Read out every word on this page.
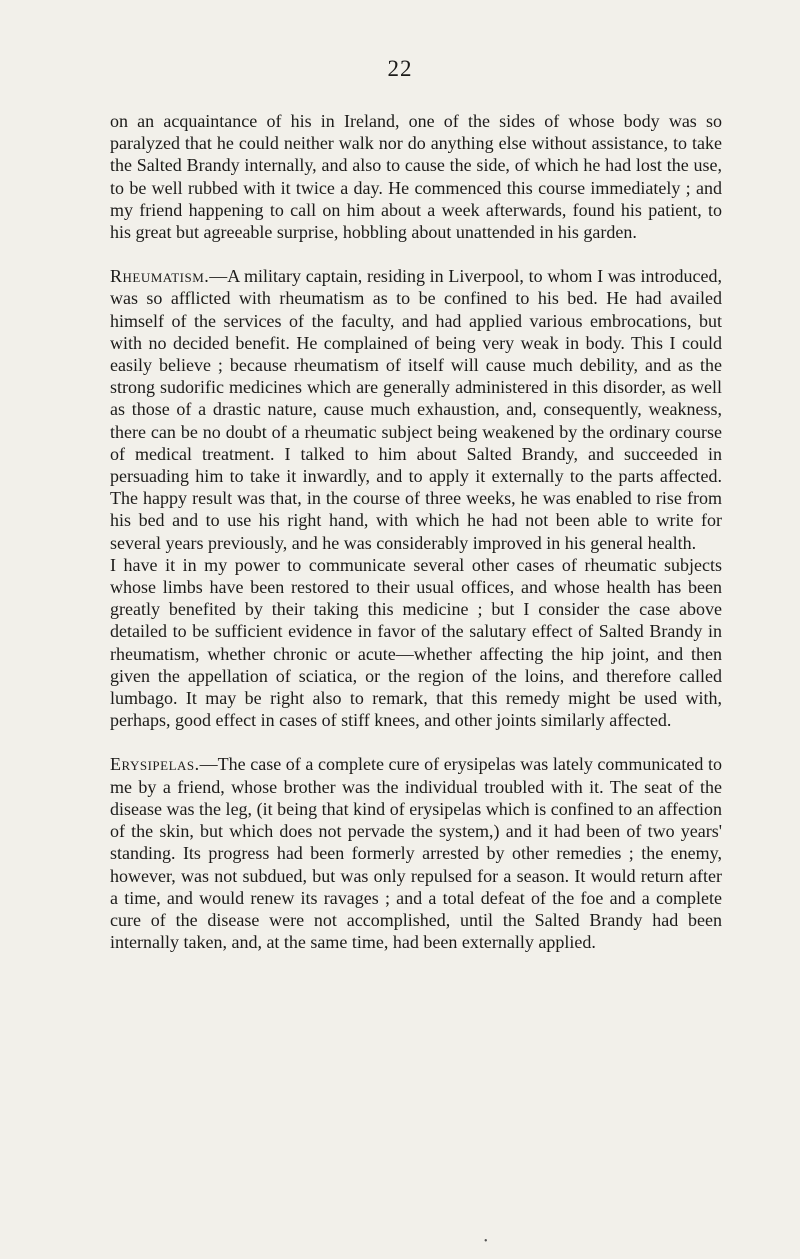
22

on an acquaintance of his in Ireland, one of the sides of whose body was so paralyzed that he could neither walk nor do anything else without assistance, to take the Salted Brandy internally, and also to cause the side, of which he had lost the use, to be well rubbed with it twice a day. He commenced this course immediately ; and my friend happening to call on him about a week afterwards, found his patient, to his great but agreeable surprise, hobbling about unattended in his garden.

Rheumatism.—A military captain, residing in Liverpool, to whom I was introduced, was so afflicted with rheumatism as to be confined to his bed. He had availed himself of the services of the faculty, and had applied various embrocations, but with no decided benefit. He complained of being very weak in body. This I could easily believe ; because rheumatism of itself will cause much debility, and as the strong sudorific medicines which are generally administered in this disorder, as well as those of a drastic nature, cause much exhaustion, and, consequently, weakness, there can be no doubt of a rheumatic subject being weakened by the ordinary course of medical treatment. I talked to him about Salted Brandy, and succeeded in persuading him to take it inwardly, and to apply it externally to the parts affected. The happy result was that, in the course of three weeks, he was enabled to rise from his bed and to use his right hand, with which he had not been able to write for several years previously, and he was considerably improved in his general health.

I have it in my power to communicate several other cases of rheumatic subjects whose limbs have been restored to their usual offices, and whose health has been greatly benefited by their taking this medicine ; but I consider the case above detailed to be sufficient evidence in favor of the salutary effect of Salted Brandy in rheumatism, whether chronic or acute—whether affecting the hip joint, and then given the appellation of sciatica, or the region of the loins, and therefore called lumbago. It may be right also to remark, that this remedy might be used with, perhaps, good effect in cases of stiff knees, and other joints similarly affected.

Erysipelas.—The case of a complete cure of erysipelas was lately communicated to me by a friend, whose brother was the individual troubled with it. The seat of the disease was the leg, (it being that kind of erysipelas which is confined to an affection of the skin, but which does not pervade the system,) and it had been of two years' standing. Its progress had been formerly arrested by other remedies ; the enemy, however, was not subdued, but was only repulsed for a season. It would return after a time, and would renew its ravages ; and a total defeat of the foe and a complete cure of the disease were not accomplished, until the Salted Brandy had been internally taken, and, at the same time, had been externally applied.

•
